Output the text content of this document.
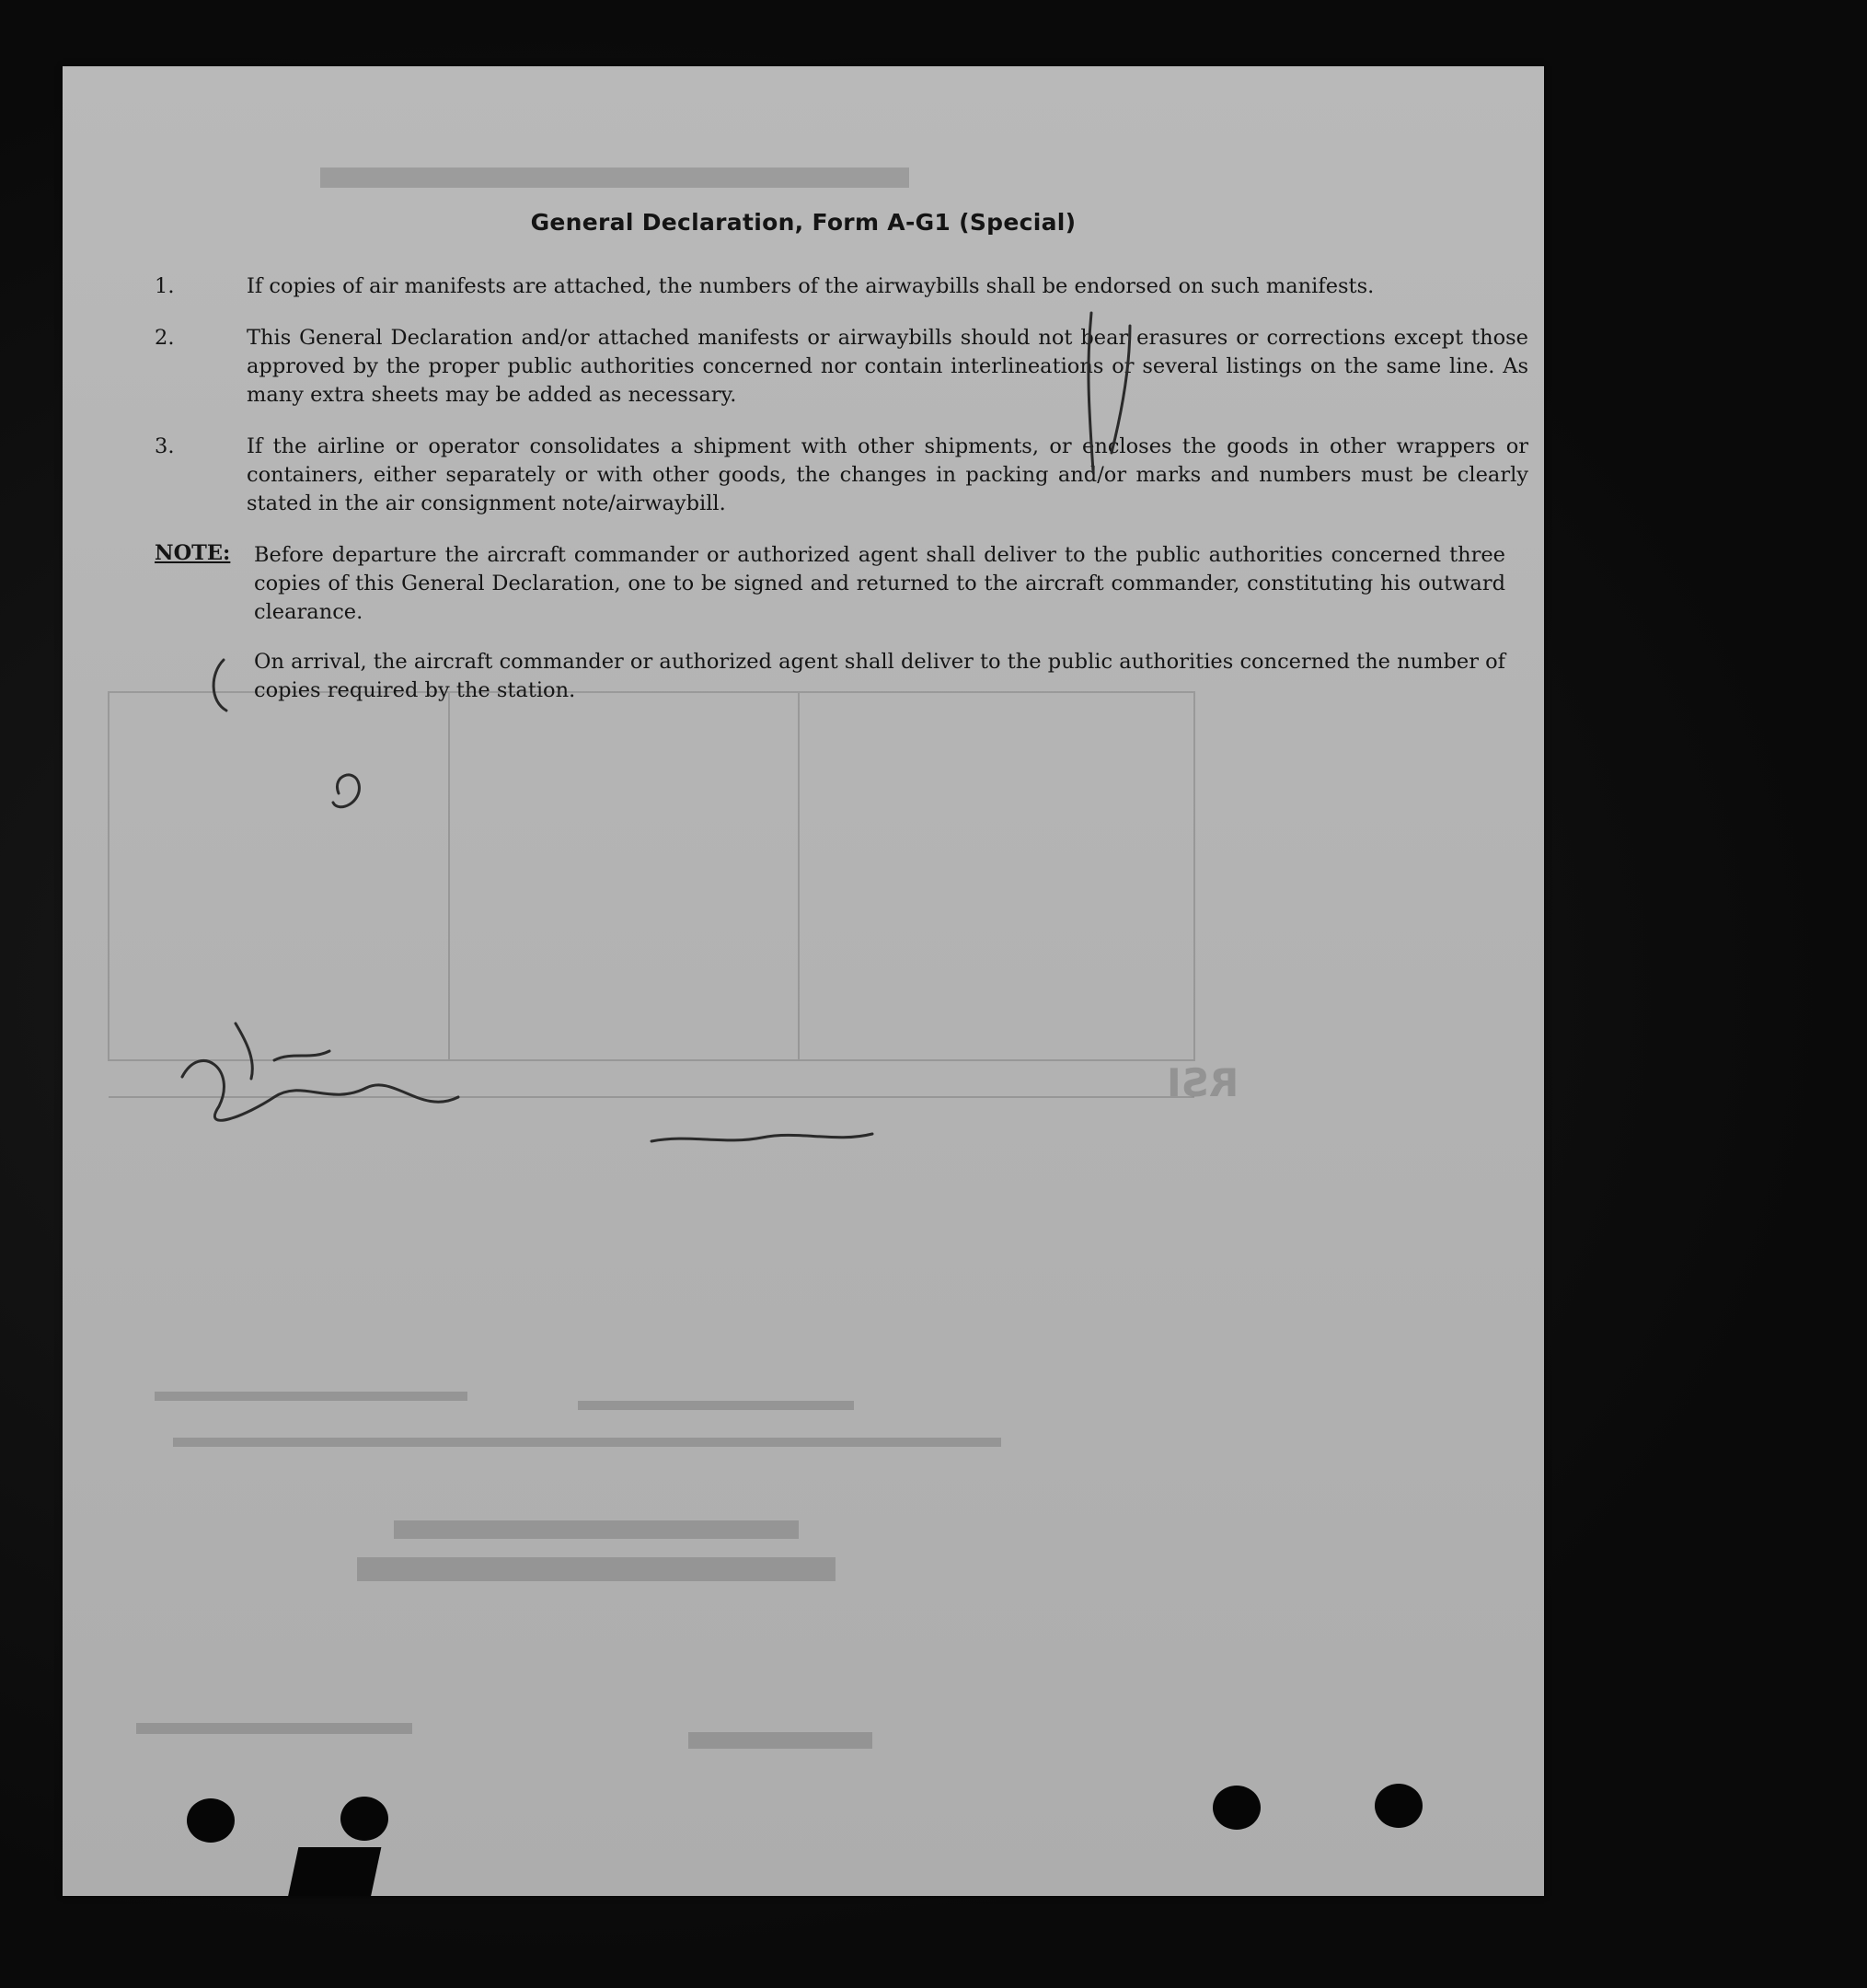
General Declaration, Form A-G1 (Special)
1.	If copies of air manifests are attached, the numbers of the airwaybills shall be endorsed on such manifests.
2.	This General Declaration and/or attached manifests or airwaybills should not bear erasures or corrections except those approved by the proper public authorities concerned nor contain interlineations or several listings on the same line. As many extra sheets may be added as necessary.
3.	If the airline or operator consolidates a shipment with other shipments, or encloses the goods in other wrappers or containers, either separately or with other goods, the changes in packing and/or marks and numbers must be clearly stated in the air consignment note/airwaybill.
NOTE: Before departure the aircraft commander or authorized agent shall deliver to the public authorities concerned three copies of this General Declaration, one to be signed and returned to the aircraft commander, constituting his outward clearance.
On arrival, the aircraft commander or authorized agent shall deliver to the public authorities concerned the number of copies required by the station.
RSI
